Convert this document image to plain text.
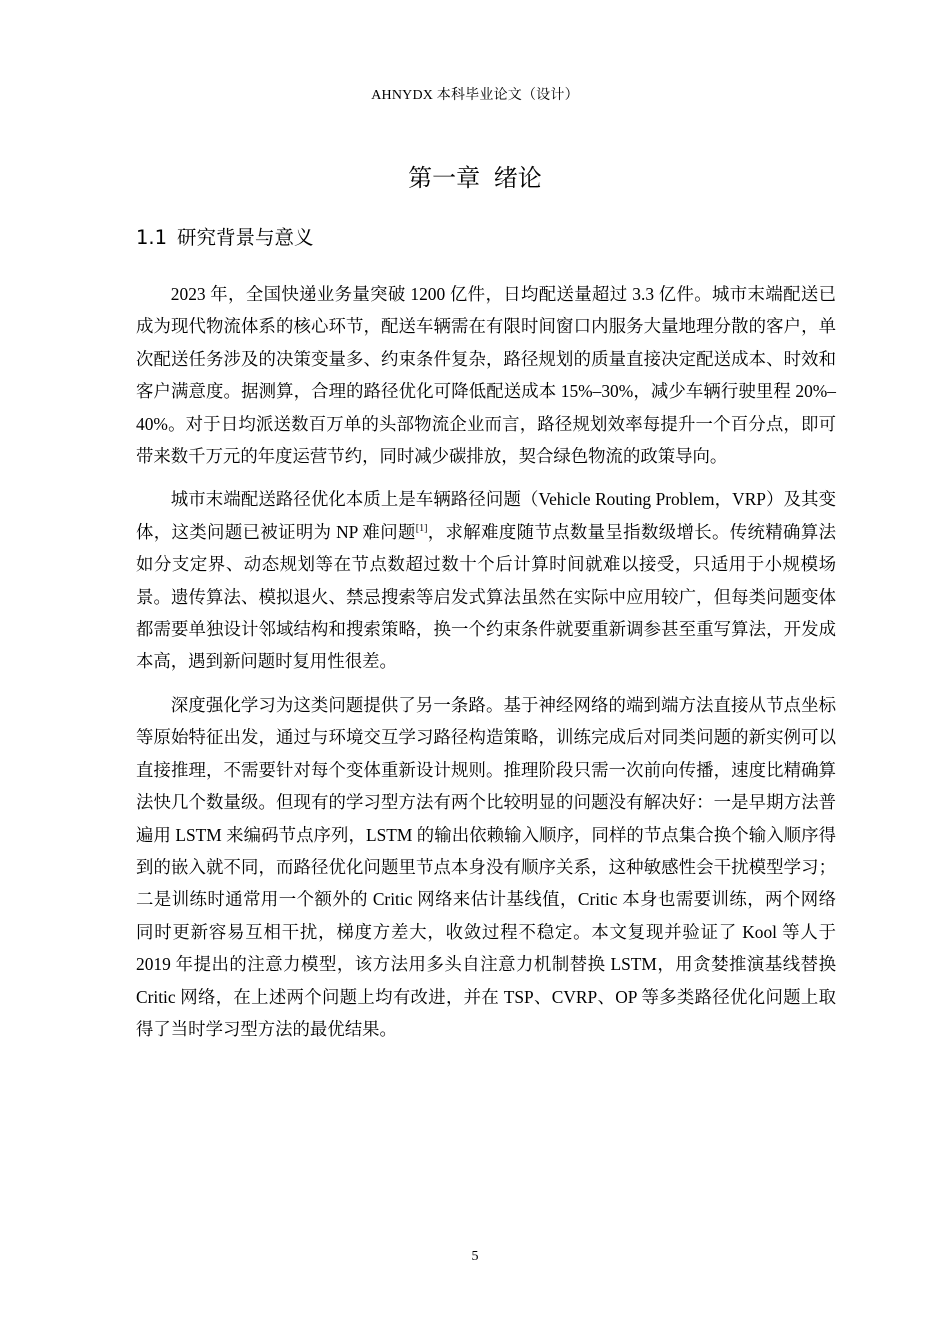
AHNYDX 本科毕业论文（设计）
第一章 绪论
1.1 研究背景与意义

2023 年，全国快递业务量突破 1200 亿件，日均配送量超过 3.3 亿件。城市末端配送已成为现代物流体系的核心环节，配送车辆需在有限时间窗口内服务大量地理分散的客户，单次配送任务涉及的决策变量多、约束条件复杂，路径规划的质量直接决定配送成本、时效和客户满意度。据测算，合理的路径优化可降低配送成本 15%–30%，减少车辆行驶里程 20%–40%。对于日均派送数百万单的头部物流企业而言，路径规划效率每提升一个百分点，即可带来数千万元的年度运营节约，同时减少碳排放，契合绿色物流的政策导向。

城市末端配送路径优化本质上是车辆路径问题（Vehicle Routing Problem，VRP）及其变体，这类问题已被证明为 NP 难问题[1]，求解难度随节点数量呈指数级增长。传统精确算法如分支定界、动态规划等在节点数超过数十个后计算时间就难以接受，只适用于小规模场景。遗传算法、模拟退火、禁忌搜索等启发式算法虽然在实际中应用较广，但每类问题变体都需要单独设计邻域结构和搜索策略，换一个约束条件就要重新调参甚至重写算法，开发成本高，遇到新问题时复用性很差。

深度强化学习为这类问题提供了另一条路。基于神经网络的端到端方法直接从节点坐标等原始特征出发，通过与环境交互学习路径构造策略，训练完成后对同类问题的新实例可以直接推理，不需要针对每个变体重新设计规则。推理阶段只需一次前向传播，速度比精确算法快几个数量级。但现有的学习型方法有两个比较明显的问题没有解决好：一是早期方法普遍用 LSTM 来编码节点序列，LSTM 的输出依赖输入顺序，同样的节点集合换个输入顺序得到的嵌入就不同，而路径优化问题里节点本身没有顺序关系，这种敏感性会干扰模型学习；二是训练时通常用一个额外的 Critic 网络来估计基线值，Critic 本身也需要训练，两个网络同时更新容易互相干扰，梯度方差大，收敛过程不稳定。本文复现并验证了 Kool 等人于 2019 年提出的注意力模型，该方法用多头自注意力机制替换 LSTM，用贪婪推演基线替换 Critic 网络，在上述两个问题上均有改进，并在 TSP、CVRP、OP 等多类路径优化问题上取得了当时学习型方法的最优结果。

5
